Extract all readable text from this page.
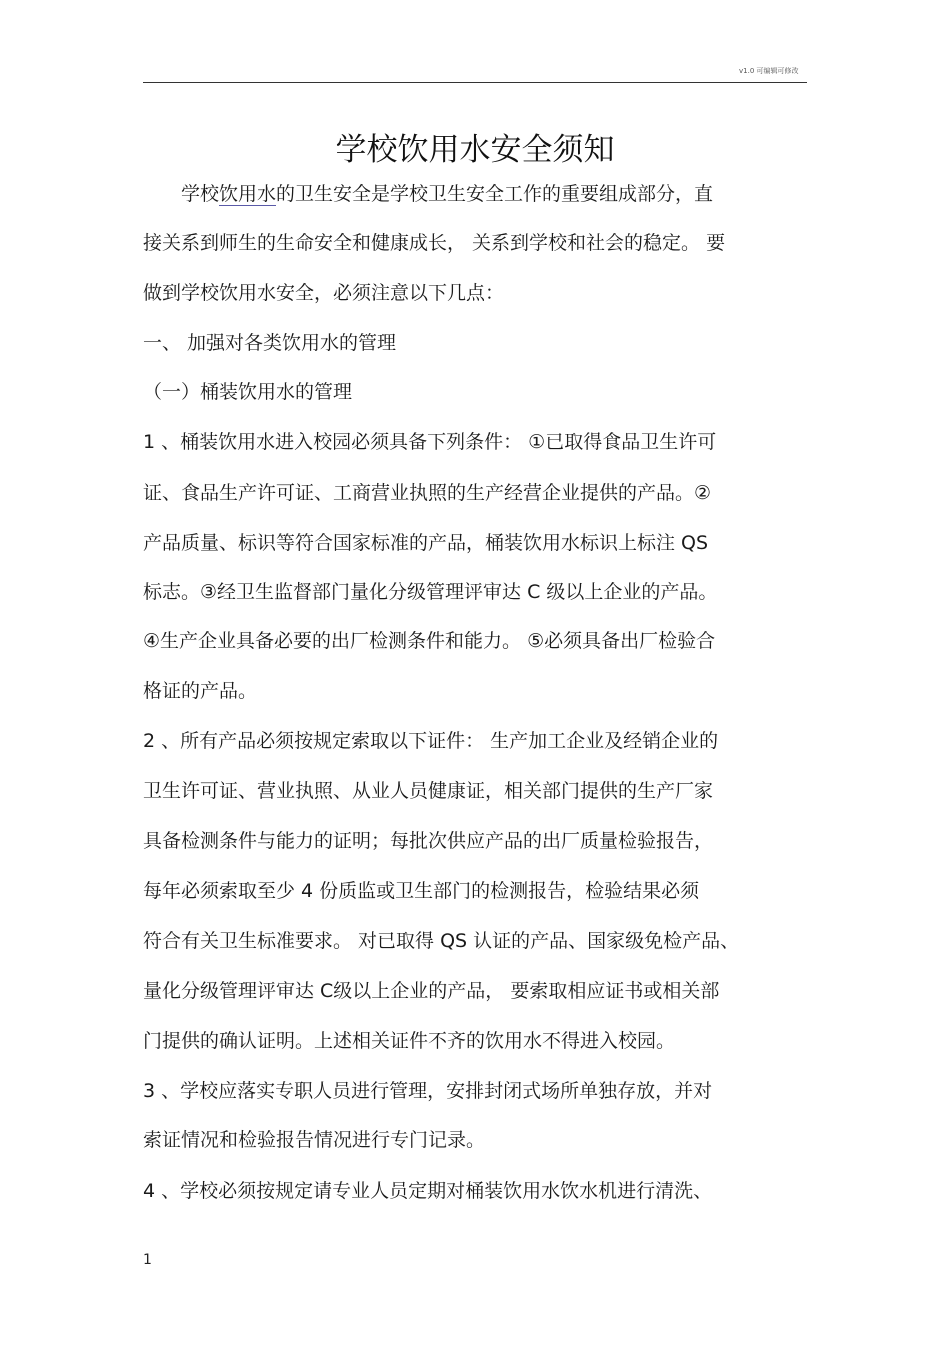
v1.0 可编辑可修改
学校饮用水安全须知
学校饮用水的卫生安全是学校卫生安全工作的重要组成部分，直
接关系到师生的生命安全和健康成长， 关系到学校和社会的稳定。 要
做到学校饮用水安全，必须注意以下几点：
一、 加强对各类饮用水的管理
（一）桶装饮用水的管理
1 、桶装饮用水进入校园必须具备下列条件： ①已取得食品卫生许可
证、食品生产许可证、工商营业执照的生产经营企业提供的产品。②
产品质量、标识等符合国家标准的产品，桶装饮用水标识上标注 QS
标志。③经卫生监督部门量化分级管理评审达 C 级以上企业的产品。
④生产企业具备必要的出厂检测条件和能力。 ⑤必须具备出厂检验合
格证的产品。
2 、所有产品必须按规定索取以下证件： 生产加工企业及经销企业的
卫生许可证、营业执照、从业人员健康证，相关部门提供的生产厂家
具备检测条件与能力的证明；每批次供应产品的出厂质量检验报告，
每年必须索取至少 4 份质监或卫生部门的检测报告，检验结果必须
符合有关卫生标准要求。 对已取得 QS 认证的产品、国家级免检产品、
量化分级管理评审达 C级以上企业的产品， 要索取相应证书或相关部
门提供的确认证明。上述相关证件不齐的饮用水不得进入校园。
3 、学校应落实专职人员进行管理，安排封闭式场所单独存放，并对
索证情况和检验报告情况进行专门记录。
4 、学校必须按规定请专业人员定期对桶装饮用水饮水机进行清洗、
1
